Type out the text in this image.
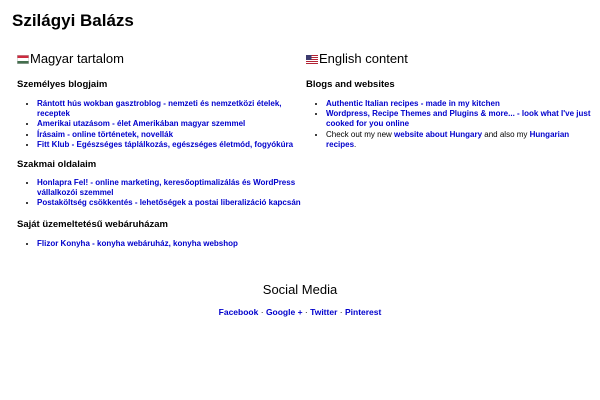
Szilágyi Balázs
Magyar tartalom
Személyes blogjaim
• Rántott hús wokban gasztroblog - nemzeti és nemzetközi ételek, receptek
• Amerikai utazásom - élet Amerikában magyar szemmel
• Írásaim - online történetek, novellák
• Fitt Klub - Egészséges táplálkozás, egészséges életmód, fogyókúra
Szakmai oldalaim
• Honlapra Fel! - online marketing, keresőoptimalizálás és WordPress vállalkozói szemmel
• Postaköltség csökkentés - lehetőségek a postai liberalizáció kapcsán
Saját üzemeltetésű webáruházam
• Flizor Konyha - konyha webáruház, konyha webshop
English content
Blogs and websites
• Authentic Italian recipes - made in my kitchen
• Wordpress, Recipe Themes and Plugins & more... - look what I've just cooked for you online
• Check out my new website about Hungary and also my Hungarian recipes.
Social Media
Facebook · Google + · Twitter · Pinterest
